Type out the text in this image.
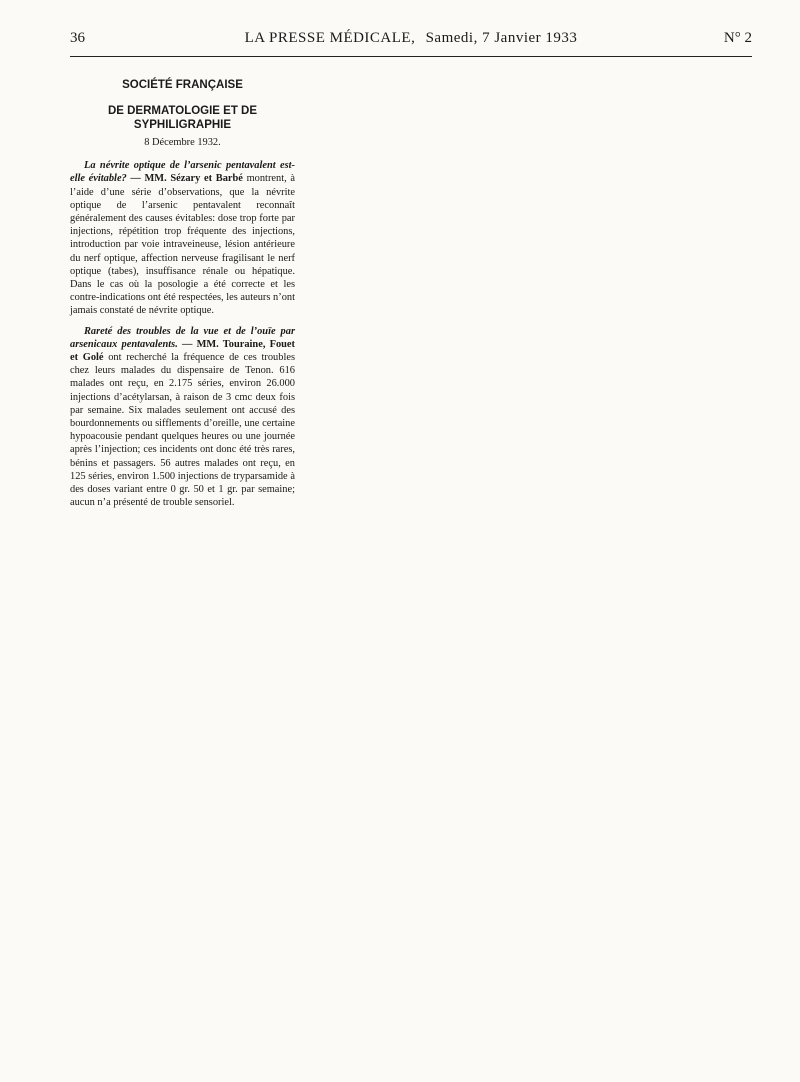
36	LA PRESSE MÉDICALE, Samedi, 7 Janvier 1933	N° 2
SOCIÉTÉ FRANÇAISE
DE DERMATOLOGIE ET DE SYPHILIGRAPHIE
8 Décembre 1932.

La névrite optique de l’arsenic pentavalent est-elle évitable? — MM. Sézary et Barbé montrent, à l’aide d’une série d’observations, que la névrite optique de l’arsenic pentavalent reconnaît généralement des causes évitables: dose trop forte par injections, répétition trop fréquente des injections, introduction par voie intraveineuse, lésion antérieure du nerf optique, affection nerveuse fragilisant le nerf optique (tabes), insuffisance rénale ou hépatique. Dans le cas où la posologie a été correcte et les contre-indications ont été respectées, les auteurs n’ont jamais constaté de névrite optique.

Rareté des troubles de la vue et de l’ouïe par arsenicaux pentavalents. — MM. Touraine, Fouet et Golé ont recherché la fréquence de ces troubles chez leurs malades du dispensaire de Tenon. 616 malades ont reçu, en 2.175 séries, environ 26.000 injections d’acétylarsan, à raison de 3 cmc deux fois par semaine. Six malades seulement ont accusé des bourdonnements ou sifflements d’oreille, une certaine hypoacousie pendant quelques heures ou une journée après l’injection; ces incidents ont donc été très rares, bénins et passagers. 56 autres malades ont reçu, en 125 séries, environ 1.500 injections de tryparsamide à des doses variant entre 0 gr. 50 et 1 gr. par semaine; aucun n’a présenté de trouble sensoriel.
